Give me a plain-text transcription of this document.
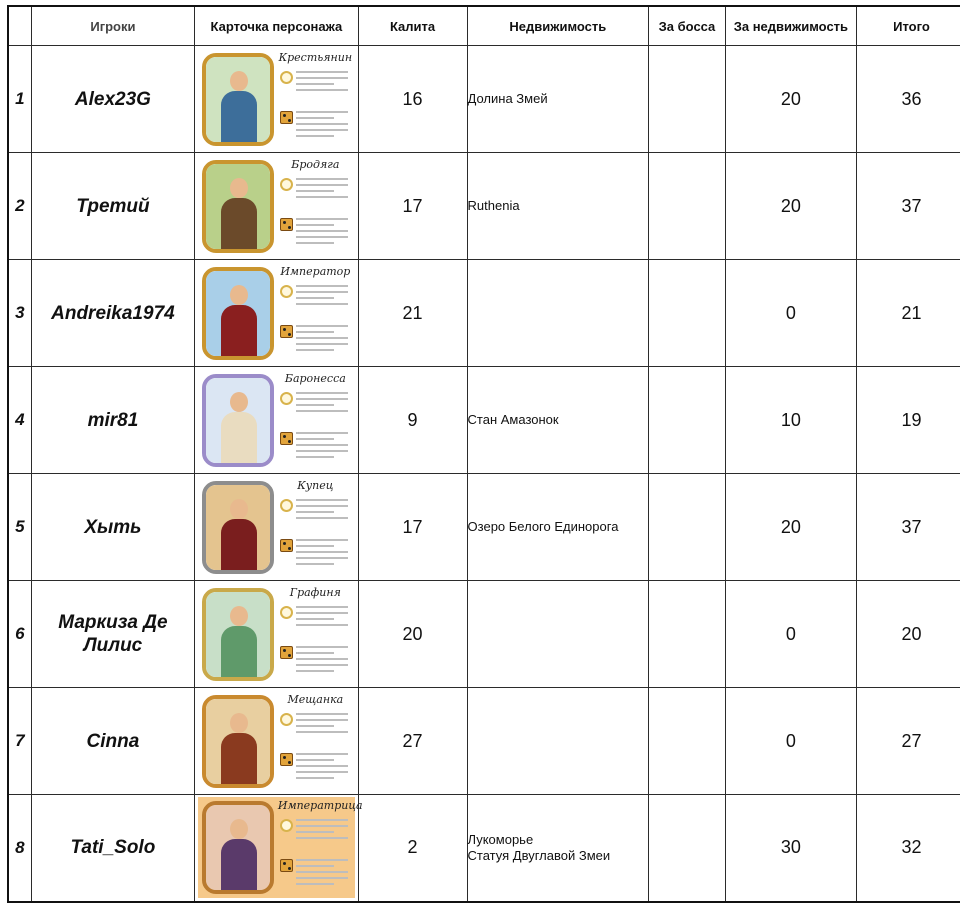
	Игроки	Карточка персонажа	Калита	Недвижимость	За босса	За недвижимость	Итого
1	Alex23G	Крестьянин	16	Долина Змей		20	36
2	Третий	Бродяга	17	Ruthenia		20	37
3	Andreika1974	Император	21			0	21
4	mir81	Баронесса	9	Стан Амазонок		10	19
5	Хыть	Купец	17	Озеро Белого Единорога		20	37
6	Маркиза Де Лилис	Графиня	20			0	20
7	Cinna	Мещанка	27			0	27
8	Tati_Solo	Императрица	2	Лукоморье
Статуя Двуглавой Змеи		30	32
